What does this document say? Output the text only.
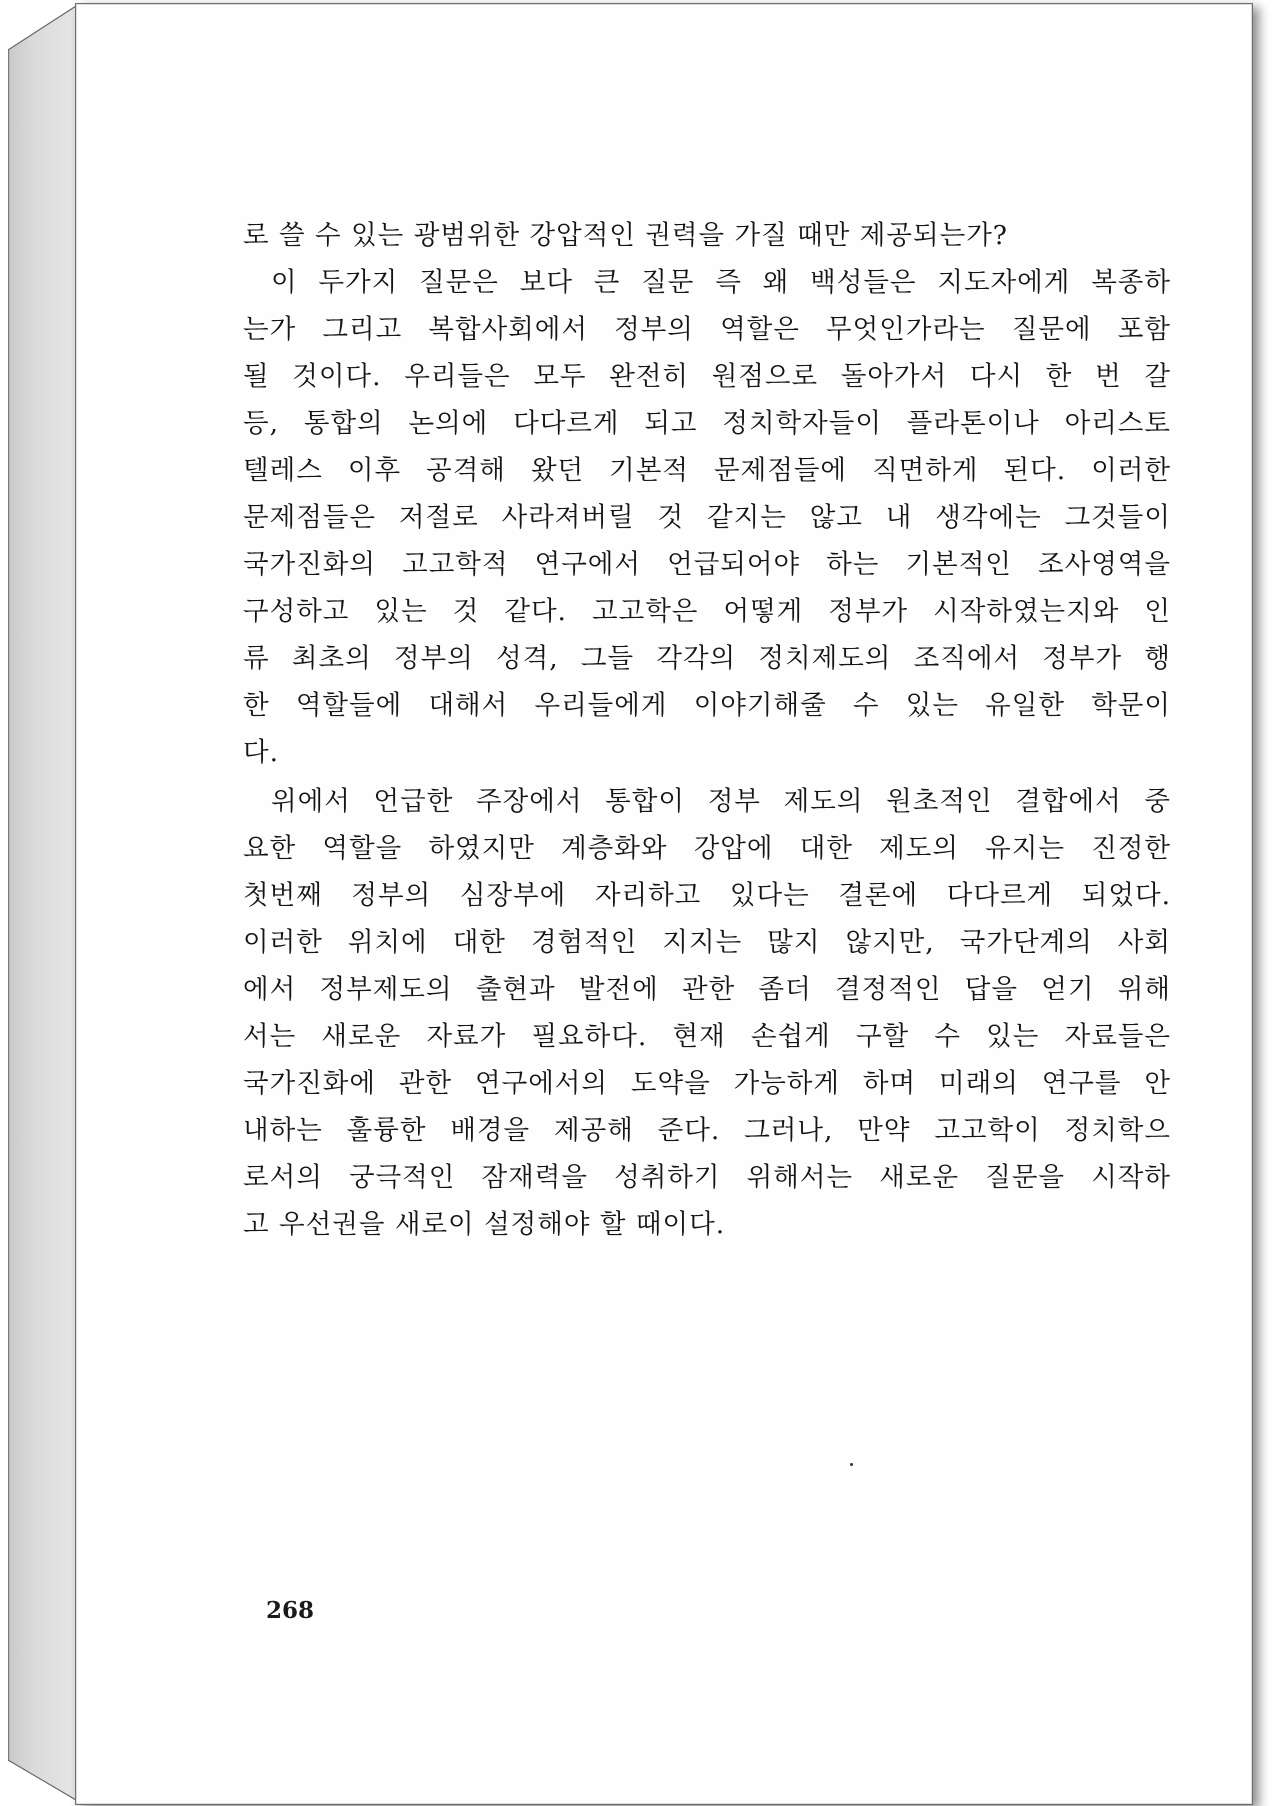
로 쓸 수 있는 광범위한 강압적인 권력을 가질 때만 제공되는가?
이 두가지 질문은 보다 큰 질문 즉 왜 백성들은 지도자에게 복종하
는가 그리고 복합사회에서 정부의 역할은 무엇인가라는 질문에 포함
될 것이다. 우리들은 모두 완전히 원점으로 돌아가서 다시 한 번 갈
등, 통합의 논의에 다다르게 되고 정치학자들이 플라톤이나 아리스토
텔레스 이후 공격해 왔던 기본적 문제점들에 직면하게 된다. 이러한
문제점들은 저절로 사라져버릴 것 같지는 않고 내 생각에는 그것들이
국가진화의 고고학적 연구에서 언급되어야 하는 기본적인 조사영역을
구성하고 있는 것 같다. 고고학은 어떻게 정부가 시작하였는지와 인
류 최초의 정부의 성격, 그들 각각의 정치제도의 조직에서 정부가 행
한 역할들에 대해서 우리들에게 이야기해줄 수 있는 유일한 학문이
다.
위에서 언급한 주장에서 통합이 정부 제도의 원초적인 결합에서 중
요한 역할을 하였지만 계층화와 강압에 대한 제도의 유지는 진정한
첫번째 정부의 심장부에 자리하고 있다는 결론에 다다르게 되었다.
이러한 위치에 대한 경험적인 지지는 많지 않지만, 국가단계의 사회
에서 정부제도의 출현과 발전에 관한 좀더 결정적인 답을 얻기 위해
서는 새로운 자료가 필요하다. 현재 손쉽게 구할 수 있는 자료들은
국가진화에 관한 연구에서의 도약을 가능하게 하며 미래의 연구를 안
내하는 훌륭한 배경을 제공해 준다. 그러나, 만약 고고학이 정치학으
로서의 궁극적인 잠재력을 성취하기 위해서는 새로운 질문을 시작하
고 우선권을 새로이 설정해야 할 때이다.
268
